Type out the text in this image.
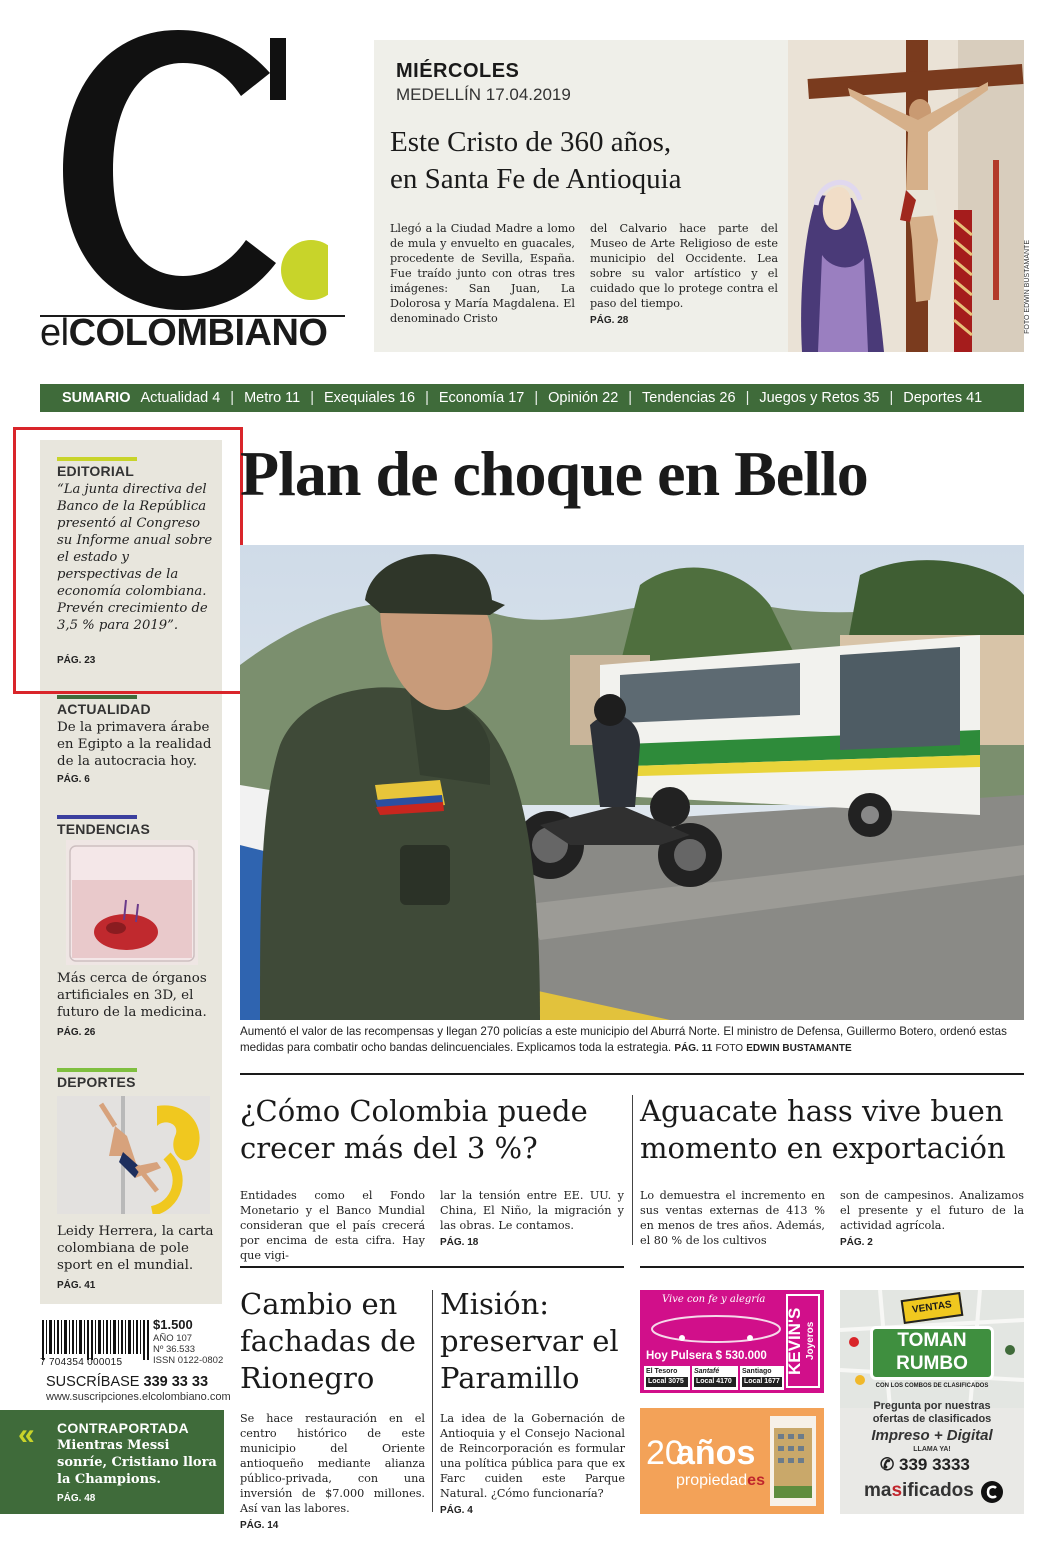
elCOLOMBIANO
MIÉRCOLES
MEDELLÍN 17.04.2019
Este Cristo de 360 años,
en Santa Fe de Antioquia
Llegó a la Ciudad Madre a lomo de mula y envuelto en guacales, procedente de Sevilla, España. Fue traído junto con otras tres imágenes: San Juan, La Dolorosa y María Magdalena. El denominado Cristo
del Calvario hace parte del Museo de Arte Religioso de este municipio del Occidente. Lea sobre su valor artístico y el cuidado que lo protege contra el paso del tiempo.
PÁG. 28	FOTO EDWIN BUSTAMANTE
SUMARIO Actualidad 4 | Metro 11 | Exequiales 16 | Economía 17 | Opinión 22 | Tendencias 26 | Juegos y Retos 35 | Deportes 41
EDITORIAL
“La junta directiva del Banco de la República presentó al Congreso su Informe anual sobre el estado y perspectivas de la economía colombiana. Prevén crecimiento de 3,5 % para 2019”.
PÁG. 23
ACTUALIDAD
De la primavera árabe en Egipto a la realidad de la autocracia hoy.
PÁG. 6
TENDENCIAS
Más cerca de órganos artificiales en 3D, el futuro de la medicina.
PÁG. 26
DEPORTES
Leidy Herrera, la carta colombiana de pole sport en el mundial.
PÁG. 41
7 704354 000015
$1.500
AÑO 107
Nº 36.533
ISSN 0122-0802
SUSCRÍBASE 339 33 33
www.suscripciones.elcolombiano.com
« CONTRAPORTADA
Mientras Messi sonríe, Cristiano llora la Champions.
PÁG. 48
Plan de choque en Bello
Aumentó el valor de las recompensas y llegan 270 policías a este municipio del Aburrá Norte. El ministro de Defensa, Guillermo Botero, ordenó estas medidas para combatir ocho bandas delincuenciales. Explicamos toda la estrategia. PÁG. 11 FOTO EDWIN BUSTAMANTE
¿Cómo Colombia puede
crecer más del 3 %?
Entidades como el Fondo Monetario y el Banco Mundial consideran que el país crecerá por encima de esta cifra. Hay que vigi-
lar la tensión entre EE. UU. y China, El Niño, la migración y las obras. Le contamos.
PÁG. 18
Aguacate hass vive buen
momento en exportación
Lo demuestra el incremento en sus ventas externas de 413 % en menos de tres años. Además, el 80 % de los cultivos
son de campesinos. Analizamos el presente y el futuro de la actividad agrícola.
PÁG. 2
Cambio en
fachadas de
Rionegro
Se hace restauración en el centro histórico de este municipio del Oriente antioqueño mediante alianza público-privada, con una inversión de $7.000 millones. Así van las labores.
PÁG. 14
Misión:
preservar el
Paramillo
La idea de la Gobernación de Antioquia y el Consejo Nacional de Reincorporación es formular una política pública para que ex Farc cuiden este Parque Natural. ¿Cómo funcionaría?
PÁG. 4
Vive con fe y alegría
Hoy Pulsera $ 530.000 KEVIN'S Joyeros
El Tesoro
Local 3075
Santafé
Local 4170
Santiago
Local 1677
20
años
propiedades
VENTAS
TOMAN
RUMBO
CON LOS COMBOS DE CLASIFICADOS
Pregunta por nuestras ofertas de clasificados
Impreso + Digital
LLAMA YA!
✆ 339 3333
masificados
